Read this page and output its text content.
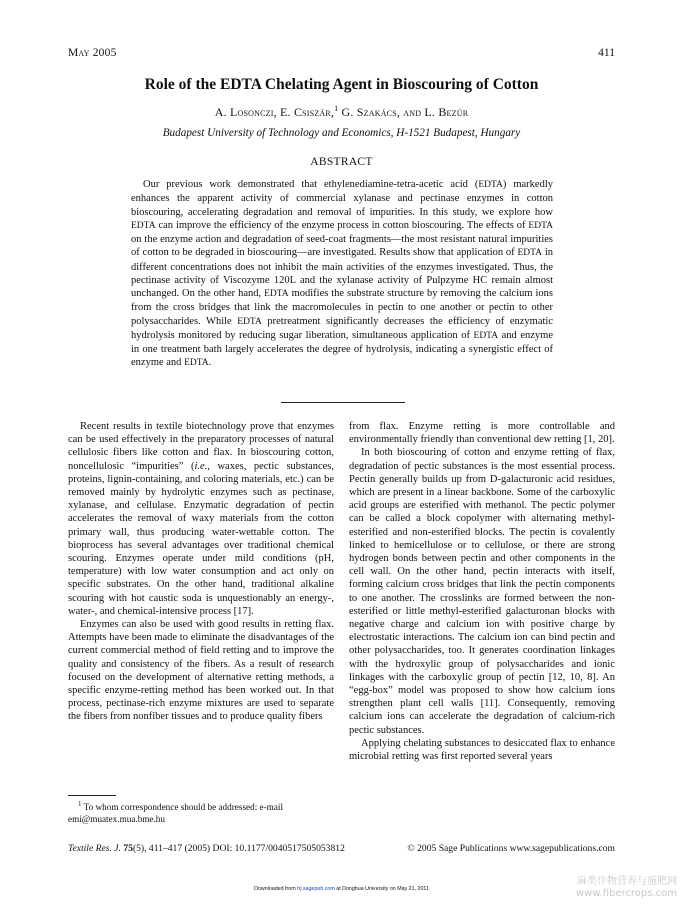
May 2005	411
Role of the EDTA Chelating Agent in Bioscouring of Cotton
A. Losonczi, E. Csiszár,$^1$ G. Szakács, and L. Bezúr
Budapest University of Technology and Economics, H-1521 Budapest, Hungary
ABSTRACT
Our previous work demonstrated that ethylenediamine-tetra-acetic acid (EDTA) markedly enhances the apparent activity of commercial xylanase and pectinase enzymes in cotton bioscouring, accelerating degradation and removal of impurities. In this study, we explore how EDTA can improve the efficiency of the enzyme process in cotton bioscouring. The effects of EDTA on the enzyme action and degradation of seed-coat fragments—the most resistant natural impurities of cotton to be degraded in bioscouring—are investigated. Results show that application of EDTA in different concentrations does not inhibit the main activities of the enzymes investigated. Thus, the pectinase activity of Viscozyme 120L and the xylanase activity of Pulpzyme HC remain almost unchanged. On the other hand, EDTA modifies the substrate structure by removing the calcium ions from the cross bridges that link the macromolecules in pectin to one another or pectin to other polysaccharides. While EDTA pretreatment significantly decreases the efficiency of enzymatic hydrolysis monitored by reducing sugar liberation, simultaneous application of EDTA and enzyme in one treatment bath largely accelerates the degree of hydrolysis, indicating a synergistic effect of enzyme and EDTA.

Recent results in textile biotechnology prove that enzymes can be used effectively in the preparatory processes of natural cellulosic fibers like cotton and flax. In bioscouring cotton, noncellulosic “impurities” (i.e., waxes, pectic substances, proteins, lignin-containing, and coloring materials, etc.) can be removed mainly by hydrolytic enzymes such as pectinase, xylanase, and cellulase. Enzymatic degradation of pectin accelerates the removal of waxy materials from the cotton primary wall, thus producing water-wettable cotton. The bioprocess has several advantages over traditional chemical scouring. Enzymes operate under mild conditions (pH, temperature) with low water consumption and act only on specific substrates. On the other hand, traditional alkaline scouring with hot caustic soda is unquestionably an energy-, water-, and chemical-intensive process [17].

Enzymes can also be used with good results in retting flax. Attempts have been made to eliminate the disadvantages of the current commercial method of field retting and to improve the quality and consistency of the fibers. As a result of research focused on the development of alternative retting methods, a specific enzyme-retting method has been worked out. In that process, pectinase-rich enzyme mixtures are used to separate the fibers from nonfiber tissues and to produce quality fibers

from flax. Enzyme retting is more controllable and environmentally friendly than conventional dew retting [1, 20].

In both bioscouring of cotton and enzyme retting of flax, degradation of pectic substances is the most essential process. Pectin generally builds up from D-galacturonic acid residues, which are present in a linear backbone. Some of the carboxylic acid groups are esterified with methanol. The pectic polymer can be called a block copolymer with alternating methyl-esterified and non-esterified blocks. The pectin is covalently linked to hemicellulose or to cellulose, or there are strong hydrogen bonds between pectin and other components in the cell wall. On the other hand, pectin interacts with itself, forming calcium cross bridges that link the pectin components to one another. The crosslinks are formed between the non-esterified or little methyl-esterified galacturonan blocks with negative charge and calcium ion with positive charge by electrostatic interactions. The calcium ion can bind pectin and other polysaccharides, too. It generates coordination linkages with the hydroxylic group of polysaccharides and ionic linkages with the carboxylic group of pectin [12, 10, 8]. An “egg-box” model was proposed to show how calcium ions strengthen plant cell walls [11]. Consequently, removing calcium ions can accelerate the degradation of calcium-rich pectic substances.

Applying chelating substances to desiccated flax to enhance microbial retting was first reported several years

$^1$ To whom correspondence should be addressed: e-mail emi@muatex.mua.bme.hu
Textile Res. J. 75(5), 411–417 (2005) DOI: 10.1177/0040517505053812	© 2005 Sage Publications www.sagepublications.com
Downloaded from trj.sagepub.com at Donghua University on May 21, 2011
麻类作物营养与施肥网
www.fibercrops.com
